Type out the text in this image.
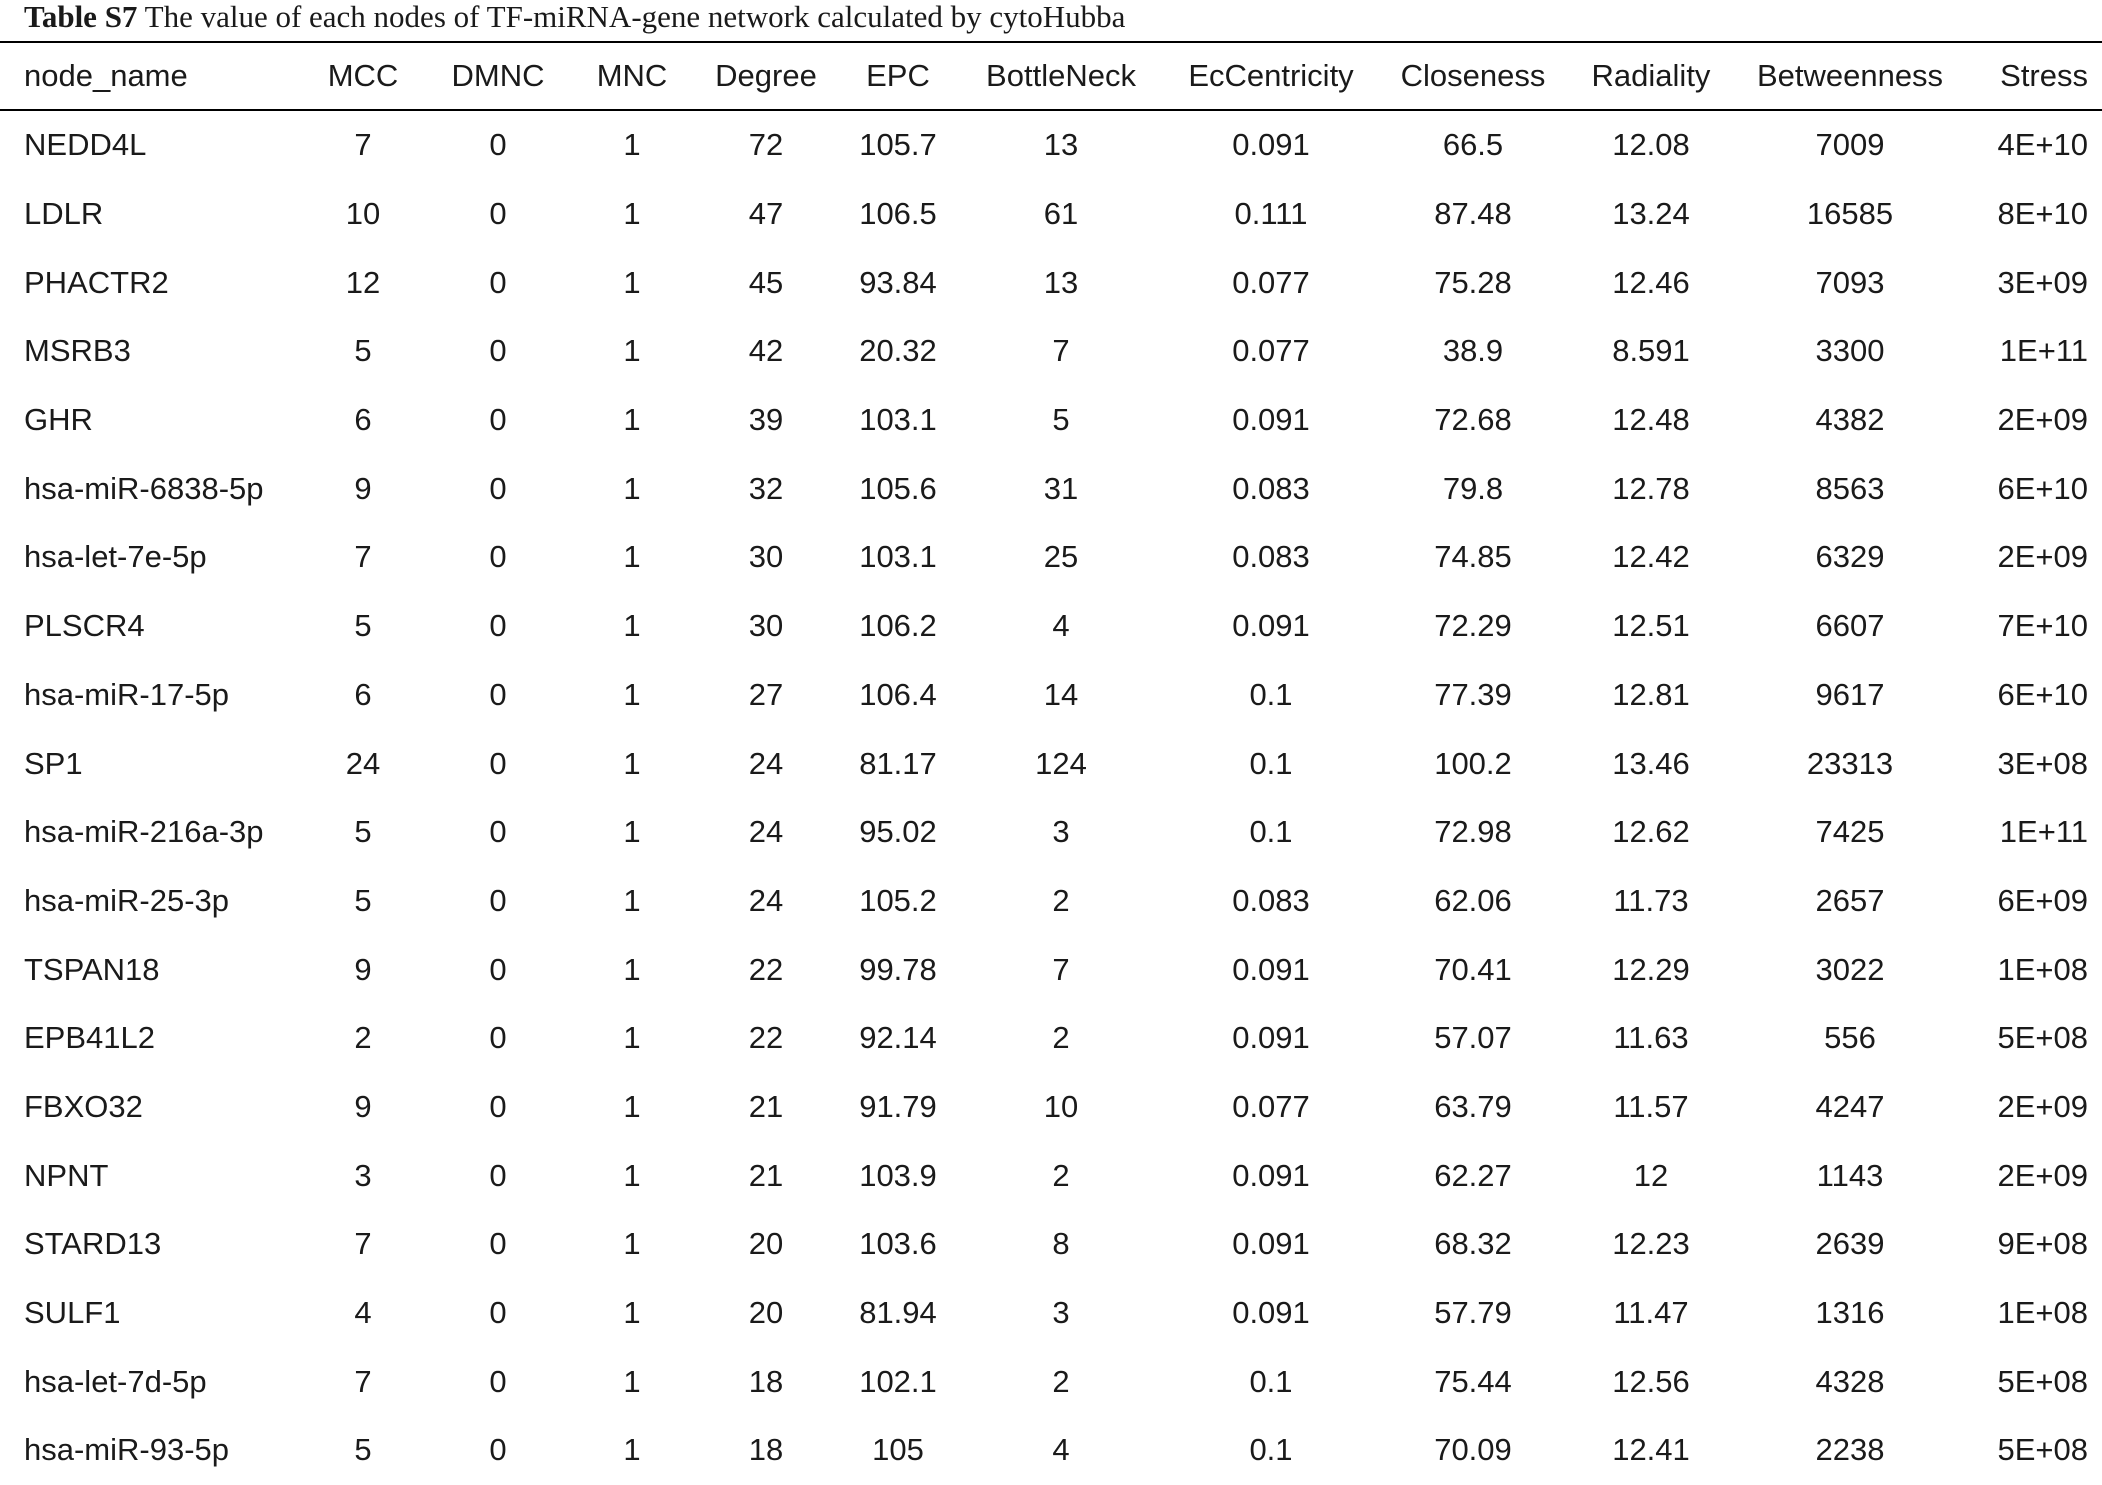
Table S7 The value of each nodes of TF-miRNA-gene network calculated by cytoHubba
node_name	MCC	DMNC	MNC	Degree	EPC	BottleNeck	EcCentricity	Closeness	Radiality	Betweenness	Stress
NEDD4L	7	0	1	72	105.7	13	0.091	66.5	12.08	7009	4E+10
LDLR	10	0	1	47	106.5	61	0.111	87.48	13.24	16585	8E+10
PHACTR2	12	0	1	45	93.84	13	0.077	75.28	12.46	7093	3E+09
MSRB3	5	0	1	42	20.32	7	0.077	38.9	8.591	3300	1E+11
GHR	6	0	1	39	103.1	5	0.091	72.68	12.48	4382	2E+09
hsa-miR-6838-5p	9	0	1	32	105.6	31	0.083	79.8	12.78	8563	6E+10
hsa-let-7e-5p	7	0	1	30	103.1	25	0.083	74.85	12.42	6329	2E+09
PLSCR4	5	0	1	30	106.2	4	0.091	72.29	12.51	6607	7E+10
hsa-miR-17-5p	6	0	1	27	106.4	14	0.1	77.39	12.81	9617	6E+10
SP1	24	0	1	24	81.17	124	0.1	100.2	13.46	23313	3E+08
hsa-miR-216a-3p	5	0	1	24	95.02	3	0.1	72.98	12.62	7425	1E+11
hsa-miR-25-3p	5	0	1	24	105.2	2	0.083	62.06	11.73	2657	6E+09
TSPAN18	9	0	1	22	99.78	7	0.091	70.41	12.29	3022	1E+08
EPB41L2	2	0	1	22	92.14	2	0.091	57.07	11.63	556	5E+08
FBXO32	9	0	1	21	91.79	10	0.077	63.79	11.57	4247	2E+09
NPNT	3	0	1	21	103.9	2	0.091	62.27	12	1143	2E+09
STARD13	7	0	1	20	103.6	8	0.091	68.32	12.23	2639	9E+08
SULF1	4	0	1	20	81.94	3	0.091	57.79	11.47	1316	1E+08
hsa-let-7d-5p	7	0	1	18	102.1	2	0.1	75.44	12.56	4328	5E+08
hsa-miR-93-5p	5	0	1	18	105	4	0.1	70.09	12.41	2238	5E+08
